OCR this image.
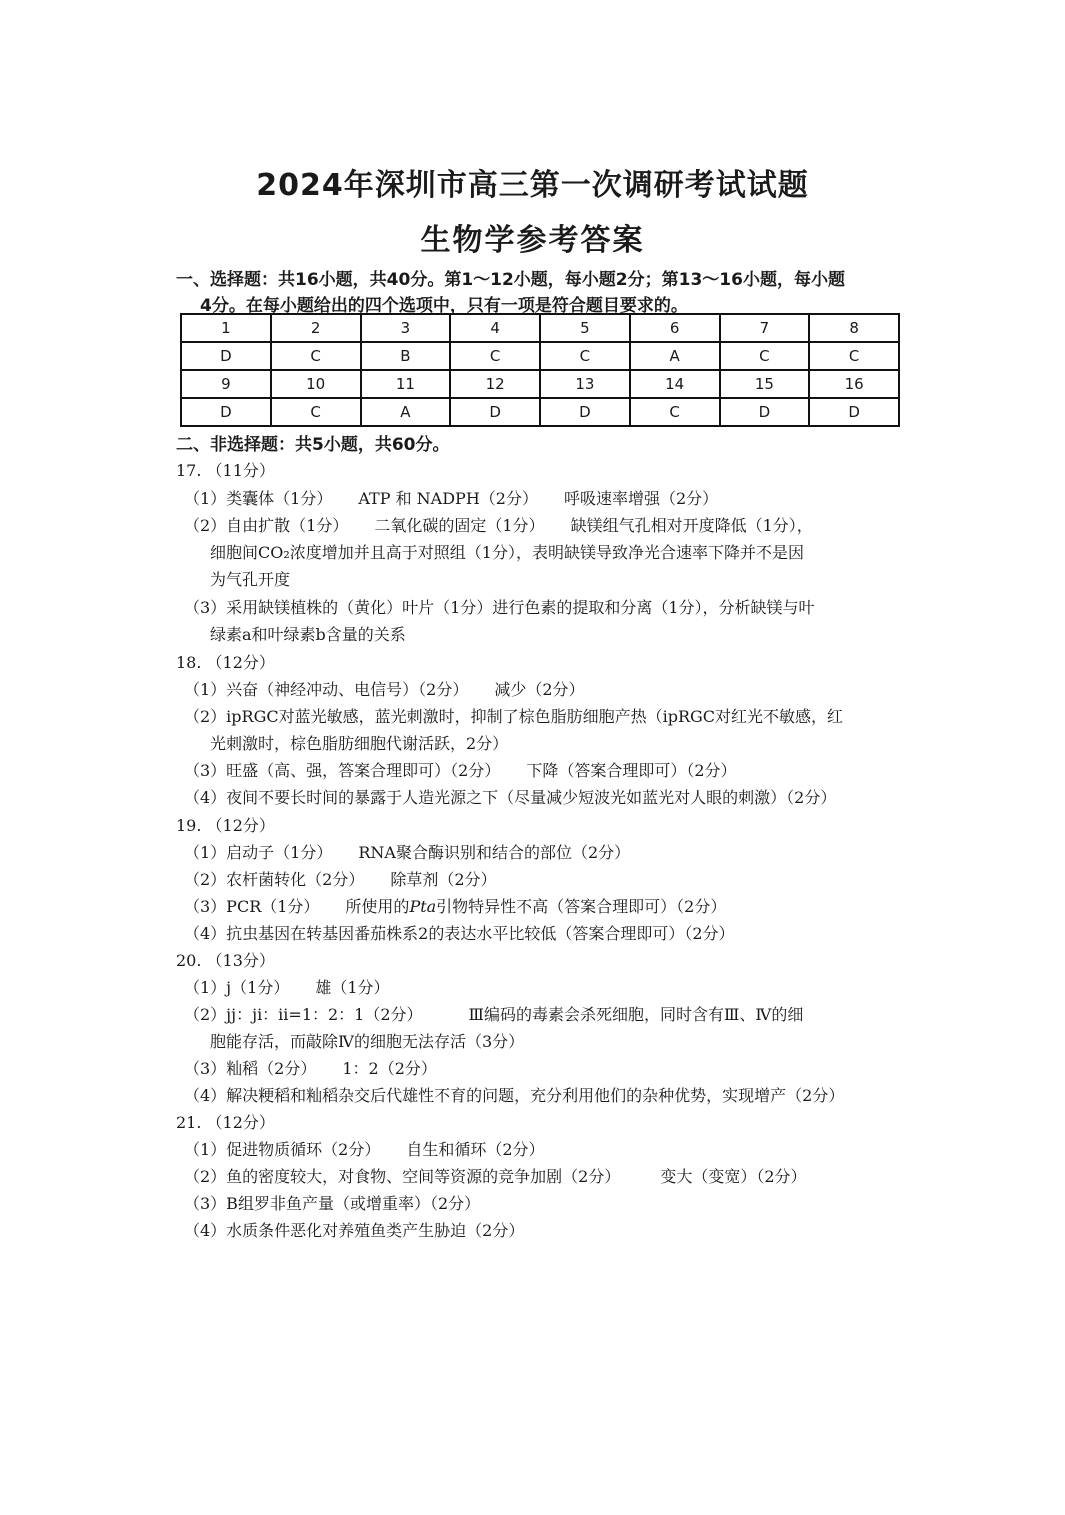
2024年深圳市高三第一次调研考试试题
生物学参考答案
一、选择题：共16小题，共40分。第1～12小题，每小题2分；第13～16小题，每小题
4分。在每小题给出的四个选项中，只有一项是符合题目要求的。
1	2	3	4	5	6	7	8
D	C	B	C	C	A	C	C
9	10	11	12	13	14	15	16
D	C	A	D	D	C	D	D
二、非选择题：共5小题，共60分。
17. （11分）
（1）类囊体（1分） ATP 和 NADPH（2分） 呼吸速率增强（2分）
（2）自由扩散（1分） 二氧化碳的固定（1分） 缺镁组气孔相对开度降低（1分），
细胞间CO₂浓度增加并且高于对照组（1分），表明缺镁导致净光合速率下降并不是因
为气孔开度
（3）采用缺镁植株的（黄化）叶片（1分）进行色素的提取和分离（1分），分析缺镁与叶
绿素a和叶绿素b含量的关系
18. （12分）
（1）兴奋（神经冲动、电信号）（2分） 减少（2分）
（2）ipRGC对蓝光敏感，蓝光刺激时，抑制了棕色脂肪细胞产热（ipRGC对红光不敏感，红
光刺激时，棕色脂肪细胞代谢活跃，2分）
（3）旺盛（高、强，答案合理即可）（2分） 下降（答案合理即可）（2分）
（4）夜间不要长时间的暴露于人造光源之下（尽量减少短波光如蓝光对人眼的刺激）（2分）
19. （12分）
（1）启动子（1分） RNA聚合酶识别和结合的部位（2分）
（2）农杆菌转化（2分） 除草剂（2分）
（3）PCR（1分） 所使用的Pta引物特异性不高（答案合理即可）（2分）
（4）抗虫基因在转基因番茄株系2的表达水平比较低（答案合理即可）（2分）
20. （13分）
（1）j（1分） 雄（1分）
（2）jj：ji：ii=1：2：1（2分）	Ⅲ编码的毒素会杀死细胞，同时含有Ⅲ、Ⅳ的细
胞能存活，而敲除Ⅳ的细胞无法存活（3分）
（3）籼稻（2分） 1：2（2分）
（4）解决粳稻和籼稻杂交后代雄性不育的问题，充分利用他们的杂种优势，实现增产（2分）
21. （12分）
（1）促进物质循环（2分） 自生和循环（2分）
（2）鱼的密度较大，对食物、空间等资源的竞争加剧（2分）	变大（变宽）（2分）
（3）B组罗非鱼产量（或增重率）（2分）
（4）水质条件恶化对养殖鱼类产生胁迫（2分）
